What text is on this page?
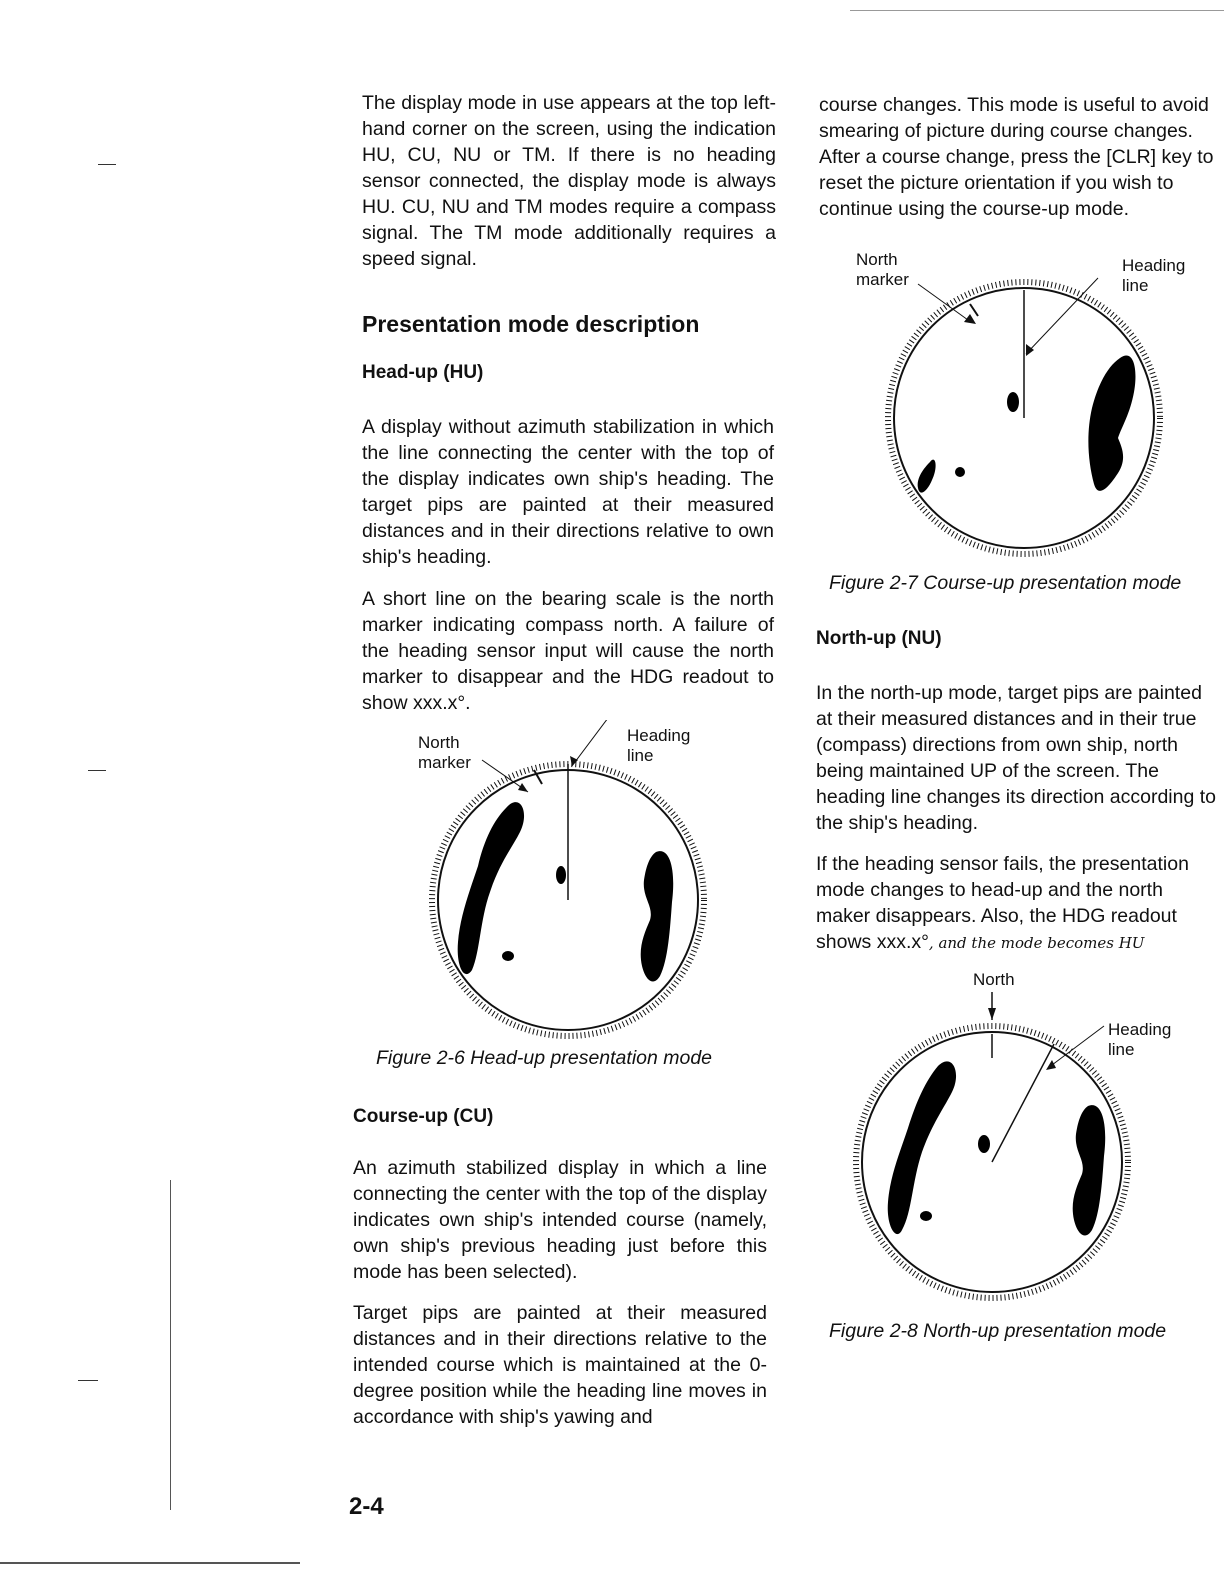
The display mode in use appears at the top left-hand corner on the screen, using the indication HU, CU, NU or TM. If there is no heading sensor connected, the display mode is always HU. CU, NU and TM modes require a compass signal. The TM mode additionally requires a speed signal.

Presentation mode description
Head-up (HU)

A display without azimuth stabilization in which the line connecting the center with the top of the display indicates own ship's heading. The target pips are painted at their measured distances and in their directions relative to own ship's heading.

A short line on the bearing scale is the north marker indicating compass north. A failure of the heading sensor input will cause the north marker to disappear and the HDG readout to show xxx.x°.

North
marker
Heading
line
Figure 2-6 Head-up presentation mode
Course-up (CU)

An azimuth stabilized display in which a line connecting the center with the top of the display indicates own ship's intended course (namely, own ship's previous heading just before this mode has been selected).

Target pips are painted at their measured distances and in their directions relative to the intended course which is maintained at the 0-degree position while the heading line moves in accordance with ship's yawing and

2-4

course changes. This mode is useful to avoid smearing of picture during course changes. After a course change, press the [CLR] key to reset the picture orientation if you wish to continue using the course-up mode.

North
marker
Heading
line
Figure 2-7 Course-up presentation mode
North-up (NU)

In the north-up mode, target pips are painted at their measured distances and in their true (compass) directions from own ship, north being maintained UP of the screen. The heading line changes its direction according to the ship's heading.

If the heading sensor fails, the presentation mode changes to head-up and the north maker disappears. Also, the HDG readout shows xxx.x°, and the mode becomes HU

North
Heading
line
Figure 2-8 North-up presentation mode
